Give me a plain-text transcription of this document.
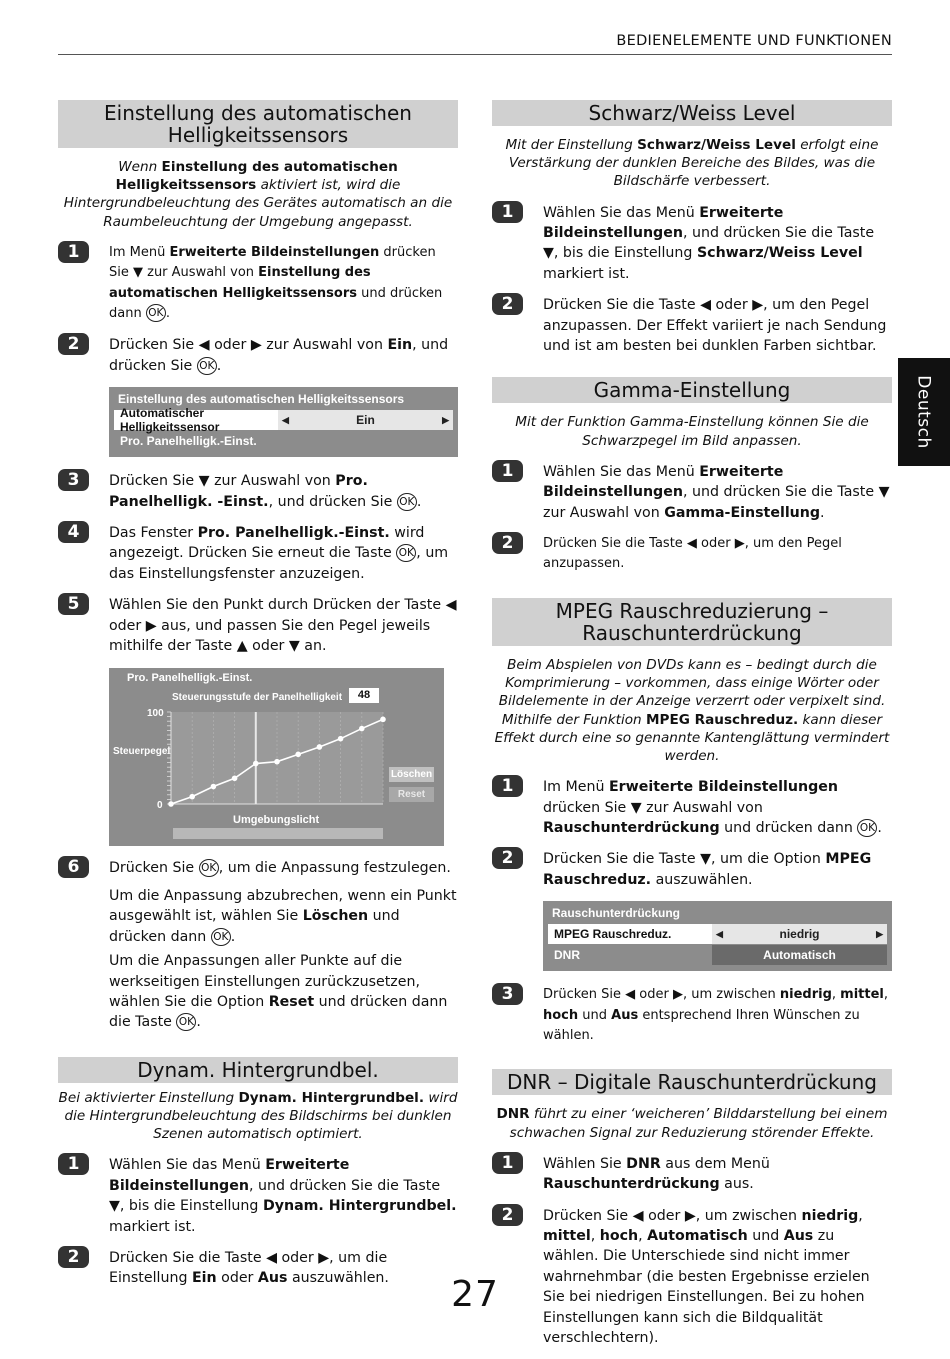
BEDIENELEMENTE UND FUNKTIONEN
Deutsch
Einstellung des automatischen
Helligkeitssensors

Wenn Einstellung des automatischen Helligkeitssensors aktiviert ist, wird die Hintergrundbeleuchtung des Gerätes automatisch an die Raumbeleuchtung der Umgebung angepasst.

1	Im Menü Erweiterte Bildeinstellungen drücken Sie ▼ zur Auswahl von Einstellung des automatischen Helligkeitssensors und drücken dann OK .
2	Drücken Sie ◀ oder ▶ zur Auswahl von Ein, und drücken Sie OK .
Einstellung des automatischen Helligkeitssensors
Automatischer Helligkeitssensor
◀	Ein	▶
Pro. Panelhelligk.-Einst.
3	Drücken Sie ▼ zur Auswahl von Pro. Panelhelligk. -Einst., und drücken Sie OK .
4	Das Fenster Pro. Panelhelligk.-Einst. wird angezeigt. Drücken Sie erneut die Taste OK , um das Einstellungsfenster anzuzeigen.
5	Wählen Sie den Punkt durch Drücken der Taste ◀ oder ▶ aus, und passen Sie den Pegel jeweils mithilfe der Taste ▲ oder ▼ an.
Pro. Panelhelligk.-Einst.
Steuerungsstufe der Panelhelligkeit	48
Steuerpegel
100
0
Umgebungslicht
Löschen
Reset
6	Drücken Sie OK , um die Anpassung festzulegen.
Um die Anpassung abzubrechen, wenn ein Punkt ausgewählt ist, wählen Sie Löschen und drücken dann OK .
Um die Anpassungen aller Punkte auf die werkseitigen Einstellungen zurückzusetzen, wählen Sie die Option Reset und drücken dann die Taste OK .
Dynam. Hintergrundbel.

Bei aktivierter Einstellung Dynam. Hintergrundbel. wird die Hintergrundbeleuchtung des Bildschirms bei dunklen Szenen automatisch optimiert.

1	Wählen Sie das Menü Erweiterte Bildeinstellungen, und drücken Sie die Taste ▼, bis die Einstellung Dynam. Hintergrundbel. markiert ist.
2	Drücken Sie die Taste ◀ oder ▶, um die Einstellung Ein oder Aus auszuwählen.
Schwarz/Weiss Level

Mit der Einstellung Schwarz/Weiss Level erfolgt eine Verstärkung der dunklen Bereiche des Bildes, was die Bildschärfe verbessert.

1	Wählen Sie das Menü Erweiterte Bildeinstellungen, und drücken Sie die Taste ▼, bis die Einstellung Schwarz/Weiss Level markiert ist.
2	Drücken Sie die Taste ◀ oder ▶, um den Pegel anzupassen. Der Effekt variiert je nach Sendung und ist am besten bei dunklen Farben sichtbar.
Gamma-Einstellung

Mit der Funktion Gamma-Einstellung können Sie die Schwarzpegel im Bild anpassen.

1	Wählen Sie das Menü Erweiterte Bildeinstellungen, und drücken Sie die Taste ▼ zur Auswahl von Gamma-Einstellung.
2	Drücken Sie die Taste ◀ oder ▶, um den Pegel anzupassen.
MPEG Rauschreduzierung –
Rauschunterdrückung

Beim Abspielen von DVDs kann es – bedingt durch die Komprimierung – vorkommen, dass einige Wörter oder Bildelemente in der Anzeige verzerrt oder verpixelt sind. Mithilfe der Funktion MPEG Rauschreduz. kann dieser Effekt durch eine so genannte Kantenglättung vermindert werden.

1	Im Menü Erweiterte Bildeinstellungen drücken Sie ▼ zur Auswahl von Rauschunterdrückung und drücken dann OK .
2	Drücken Sie die Taste ▼, um die Option MPEG Rauschreduz. auszuwählen.
Rauschunterdrückung
MPEG Rauschreduz.	◀	niedrig	▶
DNR	Automatisch
3	Drücken Sie ◀ oder ▶, um zwischen niedrig, mittel, hoch und Aus entsprechend Ihren Wünschen zu wählen.
DNR – Digitale Rauschunterdrückung

DNR führt zu einer ‘weicheren’ Bilddarstellung bei einem schwachen Signal zur Reduzierung störender Effekte.

1	Wählen Sie DNR aus dem Menü Rauschunterdrückung aus.
2	Drücken Sie ◀ oder ▶, um zwischen niedrig, mittel, hoch, Automatisch und Aus zu wählen. Die Unterschiede sind nicht immer wahrnehmbar (die besten Ergebnisse erzielen Sie bei niedrigen Einstellungen. Bei zu hohen Einstellungen kann sich die Bildqualität verschlechtern).
27
